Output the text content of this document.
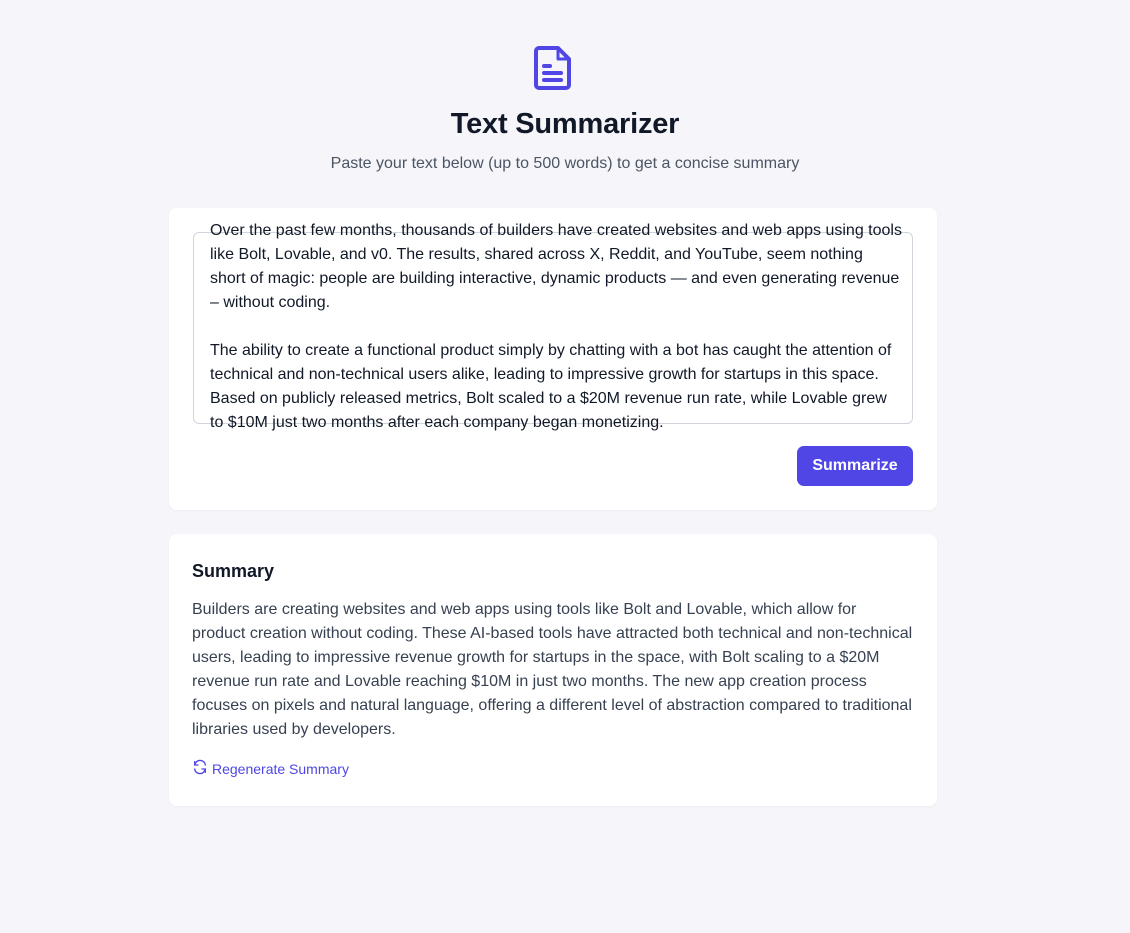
Text Summarizer
Paste your text below (up to 500 words) to get a concise summary
Over the past few months, thousands of builders have created websites and web apps using tools like Bolt, Lovable, and v0. The results, shared across X, Reddit, and YouTube, seem nothing short of magic: people are building interactive, dynamic products — and even generating revenue – without coding.

The ability to create a functional product simply by chatting with a bot has caught the attention of technical and non-technical users alike, leading to impressive growth for startups in this space. Based on publicly released metrics, Bolt scaled to a $20M revenue run rate, while Lovable grew to $10M just two months after each company began monetizing.
Summarize
Summary
Builders are creating websites and web apps using tools like Bolt and Lovable, which allow for product creation without coding. These AI-based tools have attracted both technical and non-technical users, leading to impressive revenue growth for startups in the space, with Bolt scaling to a $20M revenue run rate and Lovable reaching $10M in just two months. The new app creation process focuses on pixels and natural language, offering a different level of abstraction compared to traditional libraries used by developers.
Regenerate Summary
